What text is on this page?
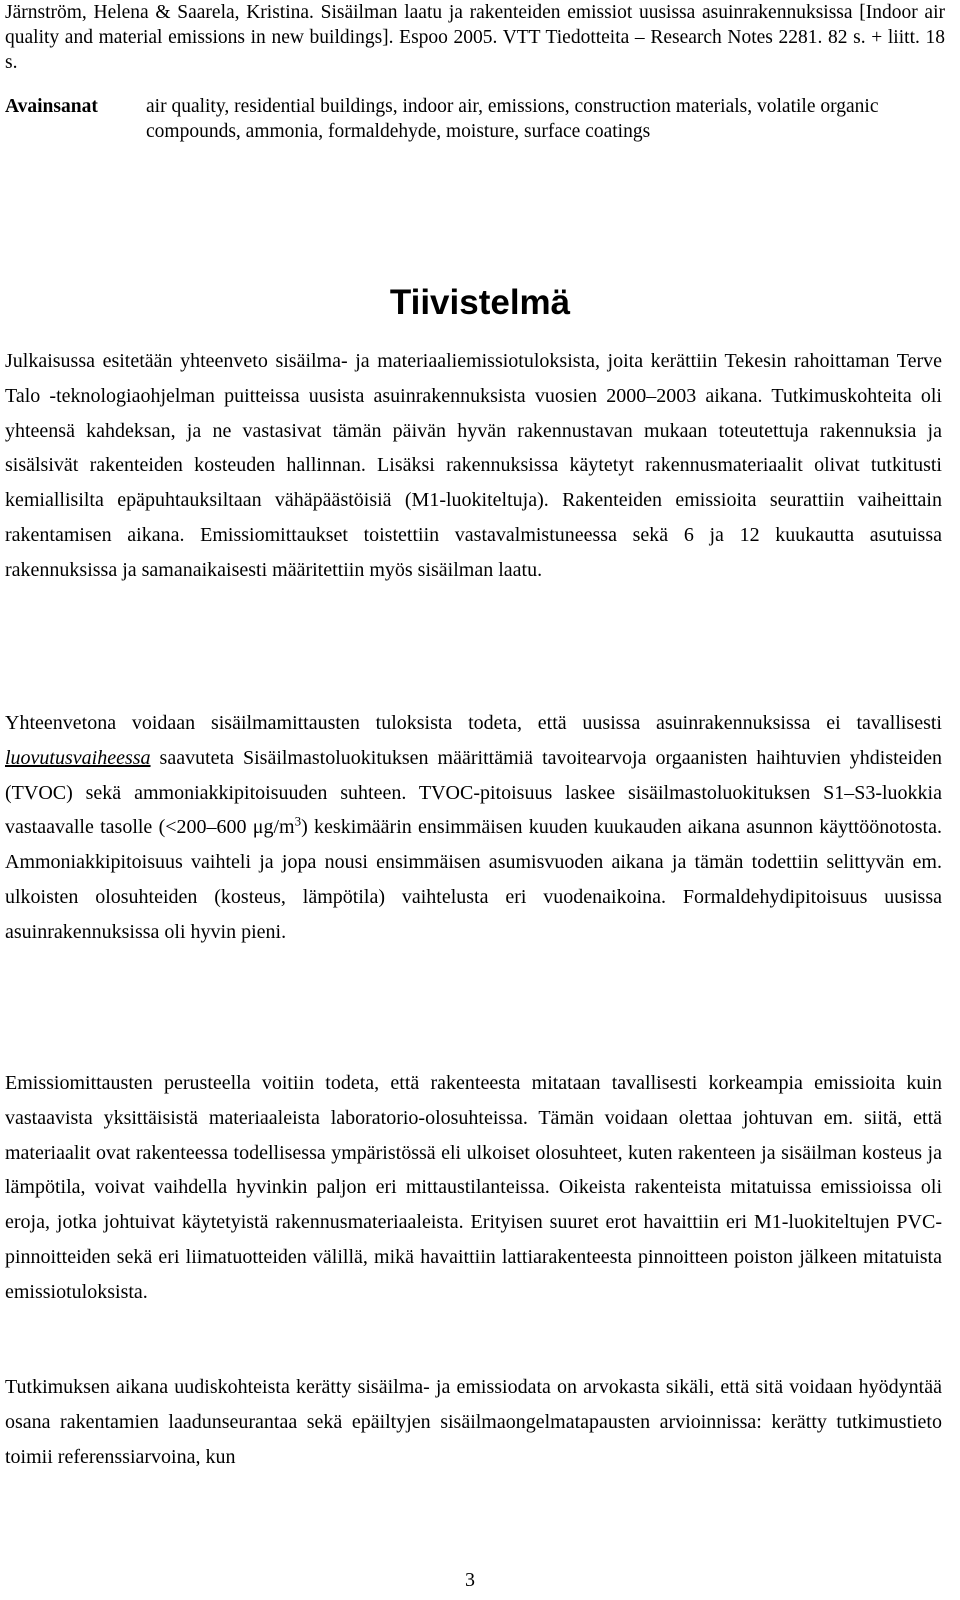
Järnström, Helena & Saarela, Kristina. Sisäilman laatu ja rakenteiden emissiot uusissa asuinrakennuksissa [Indoor air quality and material emissions in new buildings]. Espoo 2005. VTT Tiedotteita – Research Notes 2281. 82 s. + liitt. 18 s.
Avainsanat air quality, residential buildings, indoor air, emissions, construction materials, volatile organic compounds, ammonia, formaldehyde, moisture, surface coatings
Tiivistelmä

Julkaisussa esitetään yhteenveto sisäilma- ja materiaaliemissiotuloksista, joita kerättiin Tekesin rahoittaman Terve Talo -teknologiaohjelman puitteissa uusista asuinrakennuksista vuosien 2000–2003 aikana. Tutkimuskohteita oli yhteensä kahdeksan, ja ne vastasivat tämän päivän hyvän rakennustavan mukaan toteutettuja rakennuksia ja sisälsivät rakenteiden kosteuden hallinnan. Lisäksi rakennuksissa käytetyt rakennusmateriaalit olivat tutkitusti kemiallisilta epäpuhtauksiltaan vähäpäästöisiä (M1-luokiteltuja). Rakenteiden emissioita seurattiin vaiheittain rakentamisen aikana. Emissiomittaukset toistettiin vastavalmistuneessa sekä 6 ja 12 kuukautta asutuissa rakennuksissa ja samanaikaisesti määritettiin myös sisäilman laatu.

Yhteenvetona voidaan sisäilmamittausten tuloksista todeta, että uusissa asuinrakennuksissa ei tavallisesti luovutusvaiheessa saavuteta Sisäilmastoluokituksen määrittämiä tavoitearvoja orgaanisten haihtuvien yhdisteiden (TVOC) sekä ammoniakkipitoisuuden suhteen. TVOC-pitoisuus laskee sisäilmastoluokituksen S1–S3-luokkia vastaavalle tasolle (<200–600 $\mu g/m^3$) keskimäärin ensimmäisen kuuden kuukauden aikana asunnon käyttöönotosta. Ammoniakkipitoisuus vaihteli ja jopa nousi ensimmäisen asumisvuoden aikana ja tämän todettiin selittyvän em. ulkoisten olosuhteiden (kosteus, lämpötila) vaihtelusta eri vuodenaikoina. Formaldehydipitoisuus uusissa asuinrakennuksissa oli hyvin pieni.

Emissiomittausten perusteella voitiin todeta, että rakenteesta mitataan tavallisesti korkeampia emissioita kuin vastaavista yksittäisistä materiaaleista laboratorio-olosuhteissa. Tämän voidaan olettaa johtuvan em. siitä, että materiaalit ovat rakenteessa todellisessa ympäristössä eli ulkoiset olosuhteet, kuten rakenteen ja sisäilman kosteus ja lämpötila, voivat vaihdella hyvinkin paljon eri mittaustilanteissa. Oikeista rakenteista mitatuissa emissioissa oli eroja, jotka johtuivat käytetyistä rakennusmateriaaleista. Erityisen suuret erot havaittiin eri M1-luokiteltujen PVC-pinnoitteiden sekä eri liimatuotteiden välillä, mikä havaittiin lattiarakenteesta pinnoitteen poiston jälkeen mitatuista emissiotuloksista.

Tutkimuksen aikana uudiskohteista kerätty sisäilma- ja emissiodata on arvokasta sikäli, että sitä voidaan hyödyntää osana rakentamien laadunseurantaa sekä epäiltyjen sisäilmaongelmatapausten arvioinnissa: kerätty tutkimustieto toimii referenssiarvoina, kun

3
